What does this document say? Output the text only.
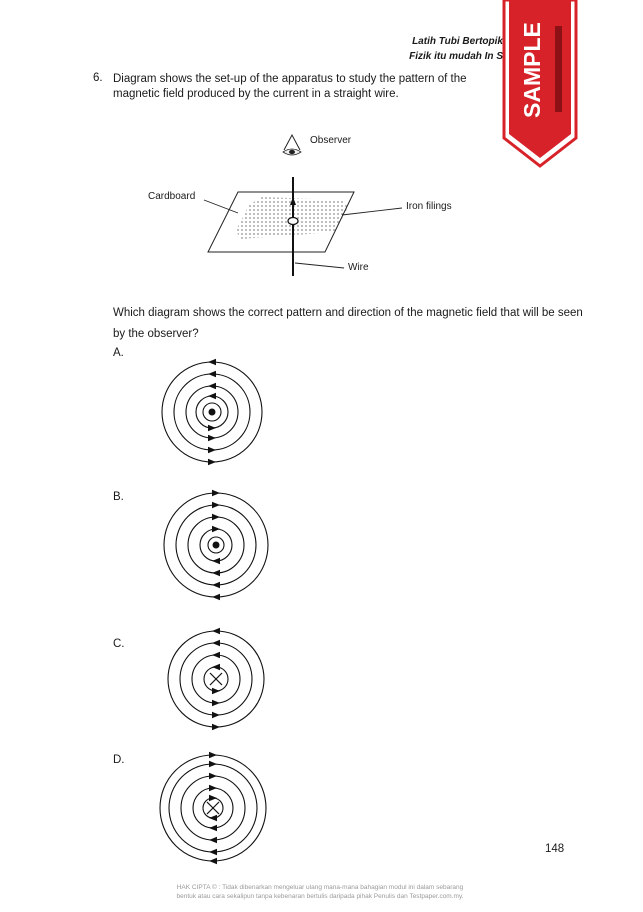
Latih Tubi Bertopik
Fizik itu mudah In S SAMPLE
6. Diagram shows the set-up of the apparatus to study the pattern of the magnetic field produced by the current in a straight wire.
Observer
Cardboard
Iron filings
Wire
Which diagram shows the correct pattern and direction of the magnetic field that will be seen by the observer?
A.
B.
C.
D.
148
HAK CIPTA © : Tidak dibenarkan mengeluar ulang mana-mana bahagian modul ini dalam sebarang
bentuk atau cara sekalipun tanpa kebenaran bertulis daripada pihak Penulis dan Testpaper.com.my.
